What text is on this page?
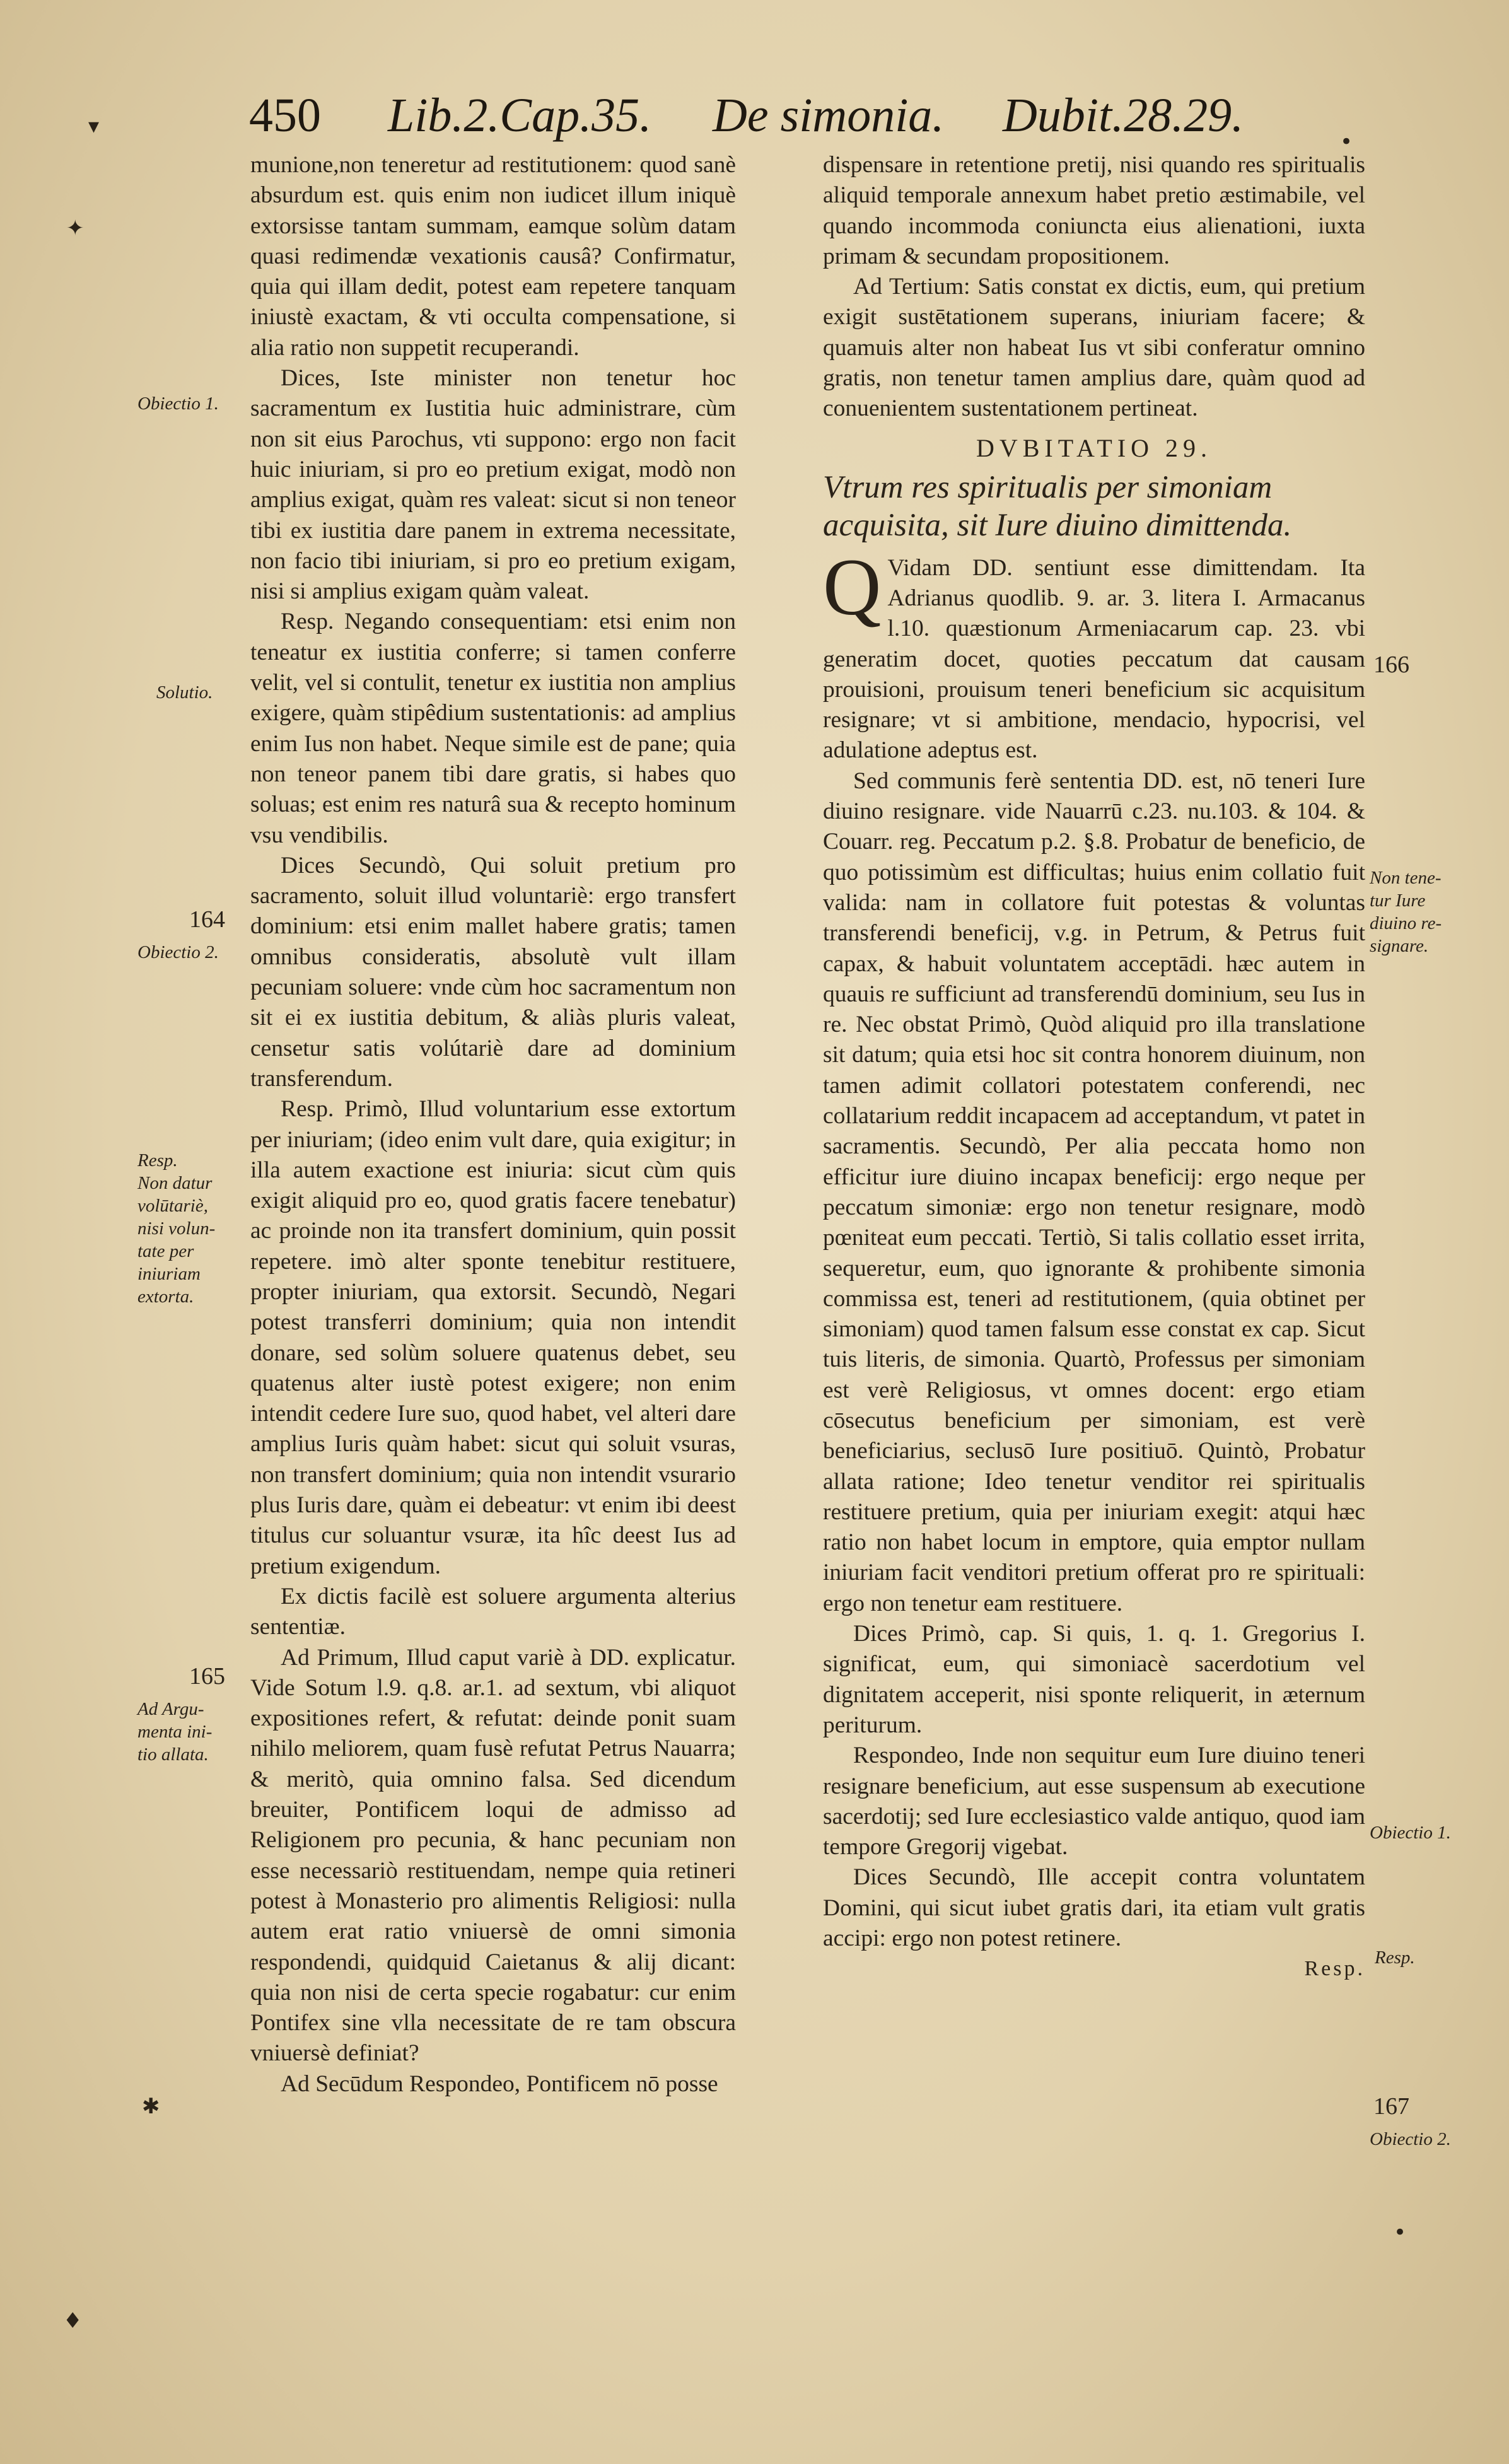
450 Lib.2.Cap.35. De simonia. Dubit.28.29.

munione,non teneretur ad restitutionem: quod sanè absurdum est. quis enim non iudicet illum iniquè extorsisse tantam summam, eamque solùm datam quasi redimendæ vexationis causâ? Confirmatur, quia qui illam dedit, potest eam repetere tanquam iniustè exactam, & vti occulta compensatione, si alia ratio non suppetit recuperandi.

Dices, Iste minister non tenetur hoc sacramentum ex Iustitia huic administrare, cùm non sit eius Parochus, vti suppono: ergo non facit huic iniuriam, si pro eo pretium exigat, modò non amplius exigat, quàm res valeat: sicut si non teneor tibi ex iustitia dare panem in extrema necessitate, non facio tibi iniuriam, si pro eo pretium exigam, nisi si amplius exigam quàm valeat.

Resp. Negando consequentiam: etsi enim non teneatur ex iustitia conferre; si tamen conferre velit, vel si contulit, tenetur ex iustitia non amplius exigere, quàm stipêdium sustentationis: ad amplius enim Ius non habet. Neque simile est de pane; quia non teneor panem tibi dare gratis, si habes quo soluas; est enim res naturâ sua & recepto hominum vsu vendibilis.

Dices Secundò, Qui soluit pretium pro sacramento, soluit illud voluntariè: ergo transfert dominium: etsi enim mallet habere gratis; tamen omnibus consideratis, absolutè vult illam pecuniam soluere: vnde cùm hoc sacramentum non sit ei ex iustitia debitum, & aliàs pluris valeat, censetur satis volútariè dare ad dominium transferendum.

Resp. Primò, Illud voluntarium esse extortum per iniuriam; (ideo enim vult dare, quia exigitur; in illa autem exactione est iniuria: sicut cùm quis exigit aliquid pro eo, quod gratis facere tenebatur) ac proinde non ita transfert dominium, quin possit repetere. imò alter sponte tenebitur restituere, propter iniuriam, qua extorsit. Secundò, Negari potest transferri dominium; quia non intendit donare, sed solùm soluere quatenus debet, seu quatenus alter iustè potest exigere; non enim intendit cedere Iure suo, quod habet, vel alteri dare amplius Iuris quàm habet: sicut qui soluit vsuras, non transfert dominium; quia non intendit vsurario plus Iuris dare, quàm ei debeatur: vt enim ibi deest titulus cur soluantur vsuræ, ita hîc deest Ius ad pretium exigendum.

Ex dictis facilè est soluere argumenta alterius sententiæ.

Ad Primum, Illud caput variè à DD. explicatur. Vide Sotum l.9. q.8. ar.1. ad sextum, vbi aliquot expositiones refert, & refutat: deinde ponit suam nihilo meliorem, quam fusè refutat Petrus Nauarra; & meritò, quia omnino falsa. Sed dicendum breuiter, Pontificem loqui de admisso ad Religionem pro pecunia, & hanc pecuniam non esse necessariò restituendam, nempe quia retineri potest à Monasterio pro alimentis Religiosi: nulla autem erat ratio vniuersè de omni simonia respondendi, quidquid Caietanus & alij dicant: quia non nisi de certa specie rogabatur: cur enim Pontifex sine vlla necessitate de re tam obscura vniuersè definiat?

Ad Secūdum Respondeo, Pontificem nō posse

dispensare in retentione pretij, nisi quando res spiritualis aliquid temporale annexum habet pretio æstimabile, vel quando incommoda coniuncta eius alienationi, iuxta primam & secundam propositionem.

Ad Tertium: Satis constat ex dictis, eum, qui pretium exigit sustētationem superans, iniuriam facere; & quamuis alter non habeat Ius vt sibi conferatur omnino gratis, non tenetur tamen amplius dare, quàm quod ad conuenientem sustentationem pertineat.

DVBITATIO 29.
Vtrum res spiritualis per simoniam acquisita, sit Iure diuino dimittenda.

Q Vidam DD. sentiunt esse dimittendam. Ita Adrianus quodlib. 9. ar. 3. litera I. Armacanus l.10. quæstionum Armeniacarum cap. 23. vbi generatim docet, quoties peccatum dat causam prouisioni, prouisum teneri beneficium sic acquisitum resignare; vt si ambitione, mendacio, hypocrisi, vel adulatione adeptus est.

Sed communis ferè sententia DD. est, nō teneri Iure diuino resignare. vide Nauarrū c.23. nu.103. & 104. & Couarr. reg. Peccatum p.2. §.8. Probatur de beneficio, de quo potissimùm est difficultas; huius enim collatio fuit valida: nam in collatore fuit potestas & voluntas transferendi beneficij, v.g. in Petrum, & Petrus fuit capax, & habuit voluntatem acceptādi. hæc autem in quauis re sufficiunt ad transferendū dominium, seu Ius in re. Nec obstat Primò, Quòd aliquid pro illa translatione sit datum; quia etsi hoc sit contra honorem diuinum, non tamen adimit collatori potestatem conferendi, nec collatarium reddit incapacem ad acceptandum, vt patet in sacramentis. Secundò, Per alia peccata homo non efficitur iure diuino incapax beneficij: ergo neque per peccatum simoniæ: ergo non tenetur resignare, modò pœniteat eum peccati. Tertiò, Si talis collatio esset irrita, sequeretur, eum, quo ignorante & prohibente simonia commissa est, teneri ad restitutionem, (quia obtinet per simoniam) quod tamen falsum esse constat ex cap. Sicut tuis literis, de simonia. Quartò, Professus per simoniam est verè Religiosus, vt omnes docent: ergo etiam cōsecutus beneficium per simoniam, est verè beneficiarius, seclusō Iure positiuō. Quintò, Probatur allata ratione; Ideo tenetur venditor rei spiritualis restituere pretium, quia per iniuriam exegit: atqui hæc ratio non habet locum in emptore, quia emptor nullam iniuriam facit venditori pretium offerat pro re spirituali: ergo non tenetur eam restituere.

Dices Primò, cap. Si quis, 1. q. 1. Gregorius I. significat, eum, qui simoniacè sacerdotium vel dignitatem acceperit, nisi sponte reliquerit, in æternum periturum.

Respondeo, Inde non sequitur eum Iure diuino teneri resignare beneficium, aut esse suspensum ab executione sacerdotij; sed Iure ecclesiastico valde antiquo, quod iam tempore Gregorij vigebat.

Dices Secundò, Ille accepit contra voluntatem Domini, qui sicut iubet gratis dari, ita etiam vult gratis accipi: ergo non potest retinere.

Resp.
Obiectio 1.
Solutio.
164
Obiectio 2.
Resp.
Non datur
volūtariè,
nisi volun-
tate per
iniuriam
extorta.
165
Ad Argu-
menta ini-
tio allata.
166
Non tene-
tur Iure
diuino re-
signare.
Obiectio 1.
Resp.
167
Obiectio 2.
▾
•
✦
✱
♦
•
